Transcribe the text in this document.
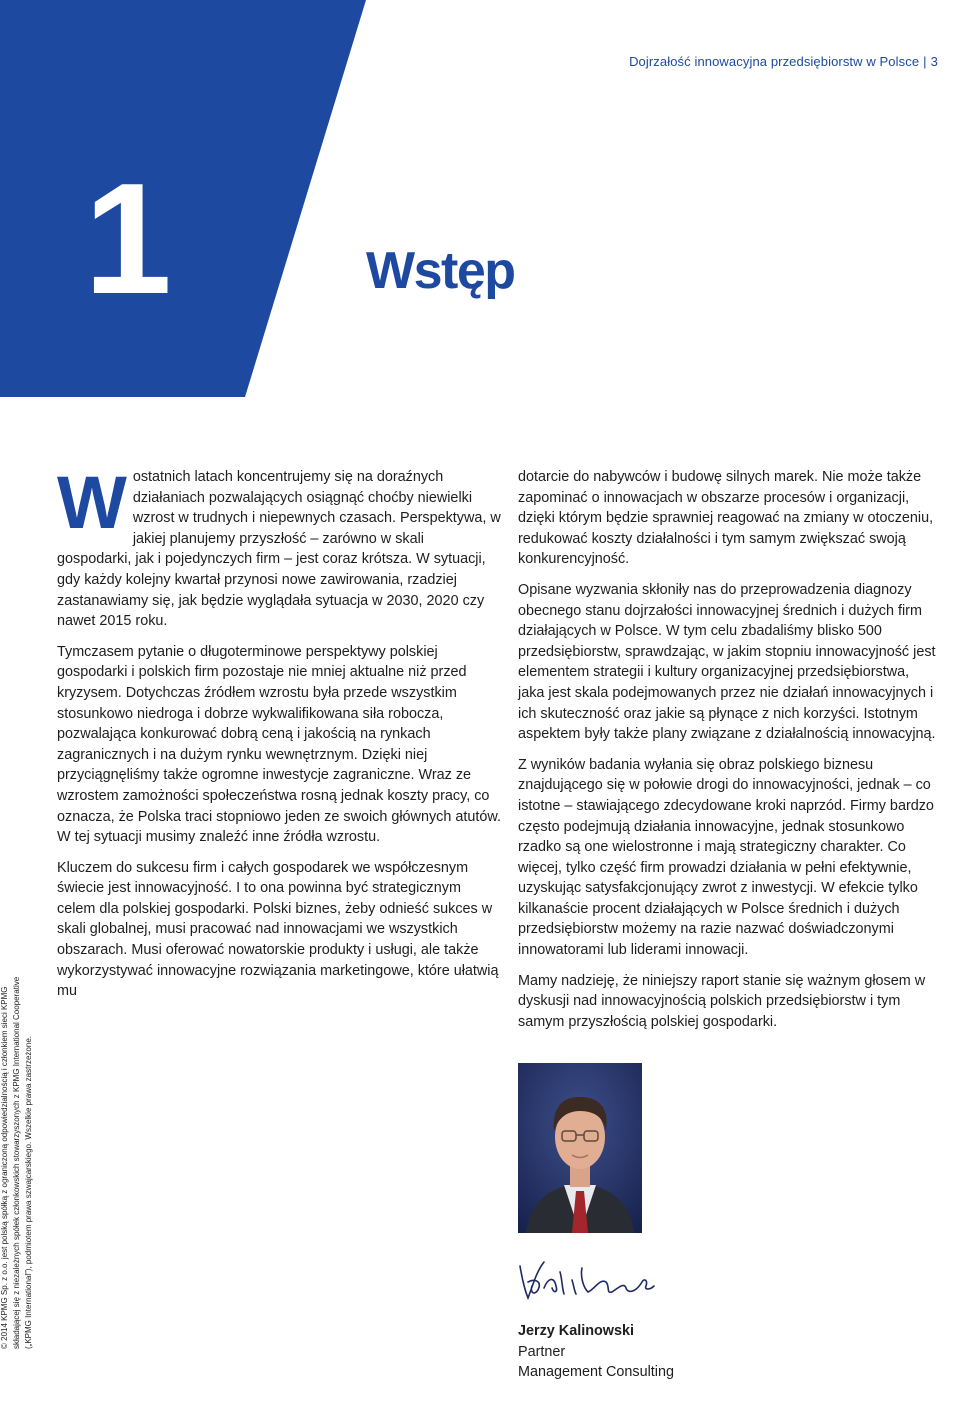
Dojrzałość innowacyjna przedsiębiorstw w Polsce | 3
1	Wstęp

W ostatnich latach koncentrujemy się na doraźnych działaniach pozwalających osiągnąć choćby niewielki wzrost w trudnych i niepewnych czasach. Perspektywa, w jakiej planujemy przyszłość – zarówno w skali gospodarki, jak i pojedynczych firm – jest coraz krótsza. W sytuacji, gdy każdy kolejny kwartał przynosi nowe zawirowania, rzadziej zastanawiamy się, jak będzie wyglądała sytuacja w 2030, 2020 czy nawet 2015 roku.

Tymczasem pytanie o długoterminowe perspektywy polskiej gospodarki i polskich firm pozostaje nie mniej aktualne niż przed kryzysem. Dotychczas źródłem wzrostu była przede wszystkim stosunkowo niedroga i dobrze wykwalifikowana siła robocza, pozwalająca konkurować dobrą ceną i jakością na rynkach zagranicznych i na dużym rynku wewnętrznym. Dzięki niej przyciągnęliśmy także ogromne inwestycje zagraniczne. Wraz ze wzrostem zamożności społeczeństwa rosną jednak koszty pracy, co oznacza, że Polska traci stopniowo jeden ze swoich głównych atutów. W tej sytuacji musimy znaleźć inne źródła wzrostu.

Kluczem do sukcesu firm i całych gospodarek we współczesnym świecie jest innowacyjność. I to ona powinna być strategicznym celem dla polskiej gospodarki. Polski biznes, żeby odnieść sukces w skali globalnej, musi pracować nad innowacjami we wszystkich obszarach. Musi oferować nowatorskie produkty i usługi, ale także wykorzystywać innowacyjne rozwiązania marketingowe, które ułatwią mu

dotarcie do nabywców i budowę silnych marek. Nie może także zapominać o innowacjach w obszarze procesów i organizacji, dzięki którym będzie sprawniej reagować na zmiany w otoczeniu, redukować koszty działalności i tym samym zwiększać swoją konkurencyjność.

Opisane wyzwania skłoniły nas do przeprowadzenia diagnozy obecnego stanu dojrzałości innowacyjnej średnich i dużych firm działających w Polsce. W tym celu zbadaliśmy blisko 500 przedsiębiorstw, sprawdzając, w jakim stopniu innowacyjność jest elementem strategii i kultury organizacyjnej przedsiębiorstwa, jaka jest skala podejmowanych przez nie działań innowacyjnych i ich skuteczność oraz jakie są płynące z nich korzyści. Istotnym aspektem były także plany związane z działalnością innowacyjną.

Z wyników badania wyłania się obraz polskiego biznesu znajdującego się w połowie drogi do innowacyjności, jednak – co istotne – stawiającego zdecydowane kroki naprzód. Firmy bardzo często podejmują działania innowacyjne, jednak stosunkowo rzadko są one wielostronne i mają strategiczny charakter. Co więcej, tylko część firm prowadzi działania w pełni efektywnie, uzyskując satysfakcjonujący zwrot z inwestycji. W efekcie tylko kilkanaście procent działających w Polsce średnich i dużych przedsiębiorstw możemy na razie nazwać doświadczonymi innowatorami lub liderami innowacji.

Mamy nadzieję, że niniejszy raport stanie się ważnym głosem w dyskusji nad innowacyjnością polskich przedsiębiorstw i tym samym przyszłością polskiej gospodarki.

Jerzy Kalinowski
Partner
Management Consulting
© 2014 KPMG Sp. z o.o. jest polską spółką z ograniczoną odpowiedzialnością i członkiem sieci KPMG składającej się z niezależnych spółek członkowskich stowarzyszonych z KPMG International Cooperative („KPMG International”), podmiotem prawa szwajcarskiego. Wszelkie prawa zastrzeżone.
